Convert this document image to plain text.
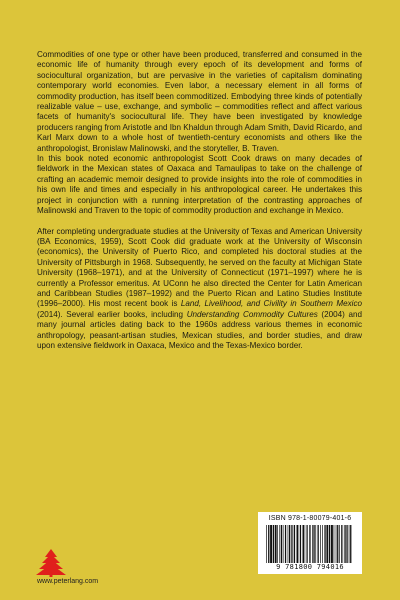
Commodities of one type or other have been produced, transferred and consumed in the economic life of humanity through every epoch of its development and forms of sociocultural organization, but are pervasive in the varieties of capitalism dominating contemporary world economies. Even labor, a necessary element in all forms of commodity production, has itself been commoditized. Embodying three kinds of potentially realizable value – use, exchange, and symbolic – commodities reflect and affect various facets of humanity's sociocultural life. They have been investigated by knowledge producers ranging from Aristotle and Ibn Khaldun through Adam Smith, David Ricardo, and Karl Marx down to a whole host of twentieth-century economists and others like the anthropologist, Bronislaw Malinowski, and the storyteller, B. Traven.

In this book noted economic anthropologist Scott Cook draws on many decades of fieldwork in the Mexican states of Oaxaca and Tamaulipas to take on the challenge of crafting an academic memoir designed to provide insights into the role of commodities in his own life and times and especially in his anthropological career. He undertakes this project in conjunction with a running interpretation of the contrasting approaches of Malinowski and Traven to the topic of commodity production and exchange in Mexico.

After completing undergraduate studies at the University of Texas and American University (BA Economics, 1959), Scott Cook did graduate work at the University of Wisconsin (economics), the University of Puerto Rico, and completed his doctoral studies at the University of Pittsburgh in 1968. Subsequently, he served on the faculty at Michigan State University (1968–1971), and at the University of Connecticut (1971–1997) where he is currently a Professor emeritus. At UConn he also directed the Center for Latin American and Caribbean Studies (1987–1992) and the Puerto Rican and Latino Studies Institute (1996–2000). His most recent book is Land, Livelihood, and Civility in Southern Mexico (2014). Several earlier books, including Understanding Commodity Cultures (2004) and many journal articles dating back to the 1960s address various themes in economic anthropology, peasant-artisan studies, Mexican studies, and border studies, and draw upon extensive fieldwork in Oaxaca, Mexico and the Texas-Mexico border.

ISBN 978-1-80079-401-6
9 781800 794016
www.peterlang.com
